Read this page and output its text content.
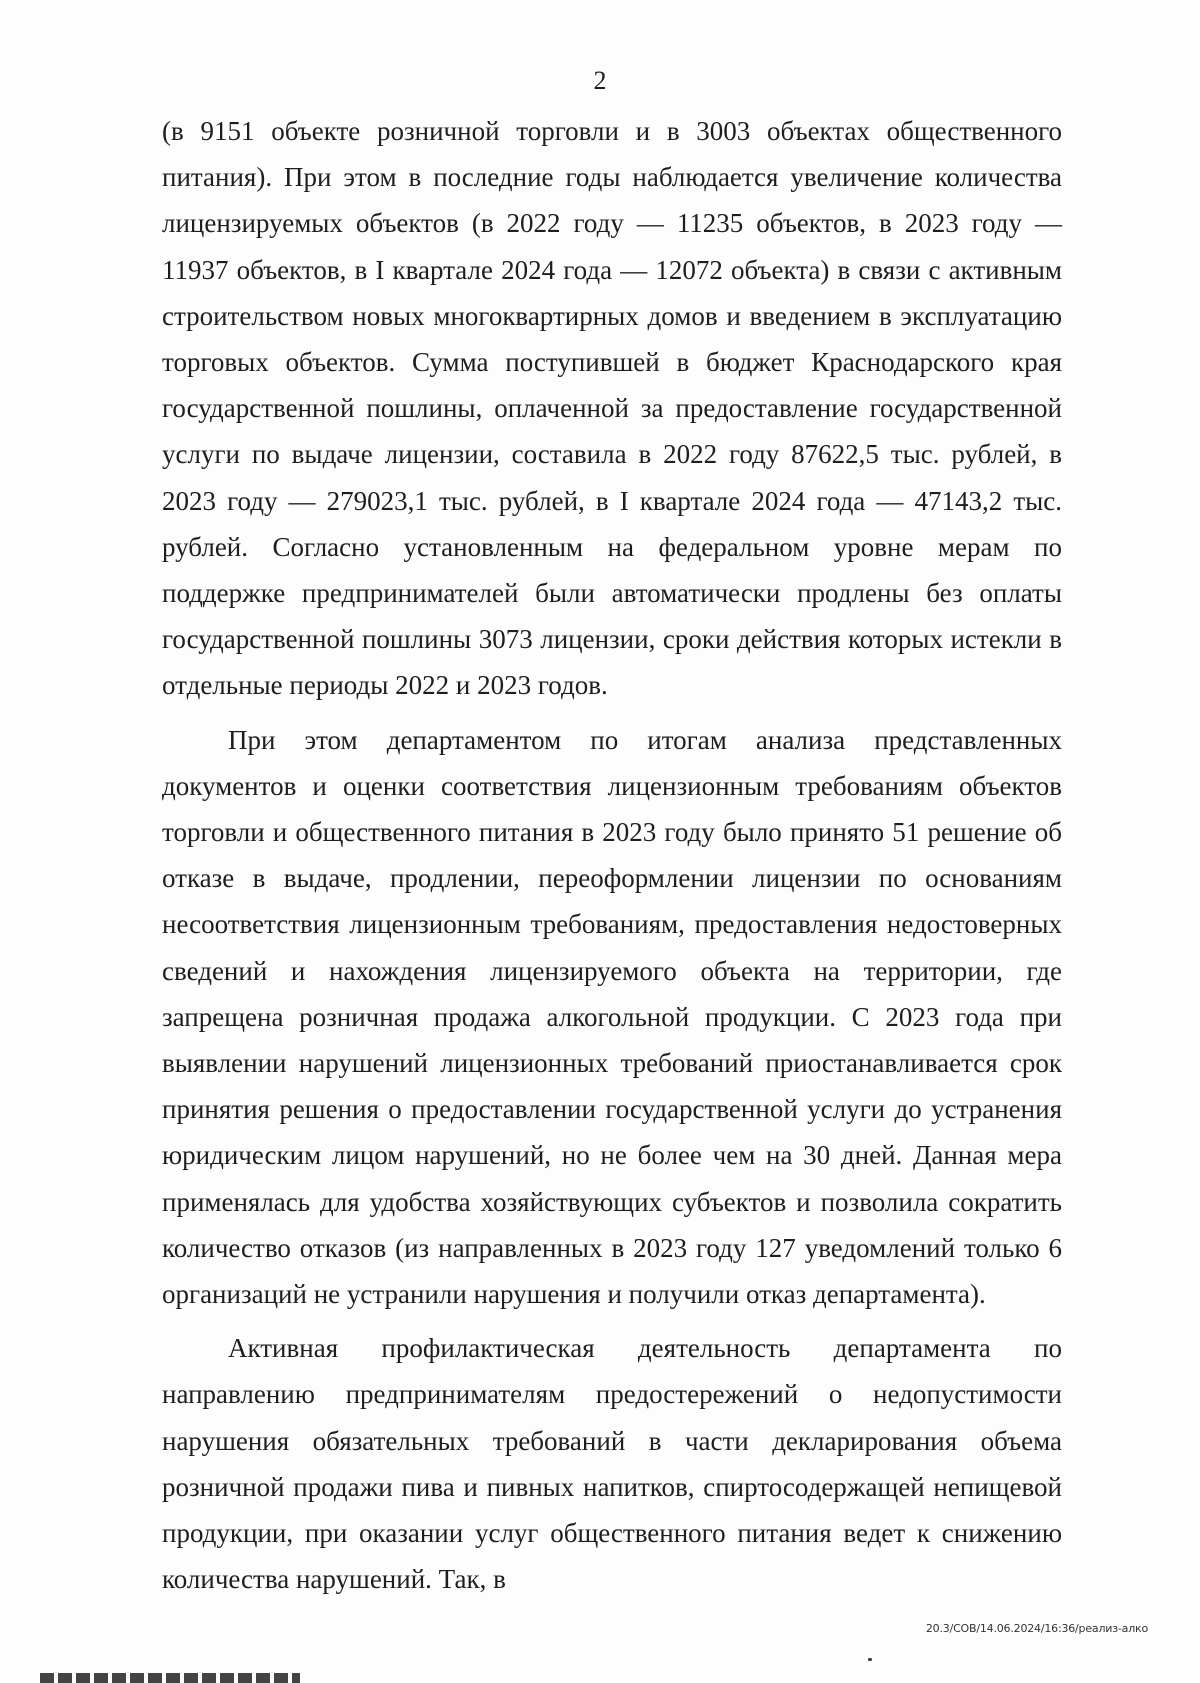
2

(в 9151 объекте розничной торговли и в 3003 объектах общественного питания). При этом в последние годы наблюдается увеличение количества лицензируемых объектов (в 2022 году — 11235 объектов, в 2023 году — 11937 объектов, в I квартале 2024 года — 12072 объекта) в связи с активным строительством новых многоквартирных домов и введением в эксплуатацию торговых объектов. Сумма поступившей в бюджет Краснодарского края государственной пошлины, оплаченной за предоставление государственной услуги по выдаче лицензии, составила в 2022 году 87622,5 тыс. рублей, в 2023 году — 279023,1 тыс. рублей, в I квартале 2024 года — 47143,2 тыс. рублей. Согласно установленным на федеральном уровне мерам по поддержке предпринимателей были автоматически продлены без оплаты государственной пошлины 3073 лицензии, сроки действия которых истекли в отдельные периоды 2022 и 2023 годов.

При этом департаментом по итогам анализа представленных документов и оценки соответствия лицензионным требованиям объектов торговли и общественного питания в 2023 году было принято 51 решение об отказе в выдаче, продлении, переоформлении лицензии по основаниям несоответствия лицензионным требованиям, предоставления недостоверных сведений и нахождения лицензируемого объекта на территории, где запрещена розничная продажа алкогольной продукции. С 2023 года при выявлении нарушений лицензионных требований приостанавливается срок принятия решения о предоставлении государственной услуги до устранения юридическим лицом нарушений, но не более чем на 30 дней. Данная мера применялась для удобства хозяйствующих субъектов и позволила сократить количество отказов (из направленных в 2023 году 127 уведомлений только 6 организаций не устранили нарушения и получили отказ департамента).

Активная профилактическая деятельность департамента по направлению предпринимателям предостережений о недопустимости нарушения обязательных требований в части декларирования объема розничной продажи пива и пивных напитков, спиртосодержащей непищевой продукции, при оказании услуг общественного питания ведет к снижению количества нарушений. Так, в

20.3/СОВ/14.06.2024/16:36/реализ-алко
